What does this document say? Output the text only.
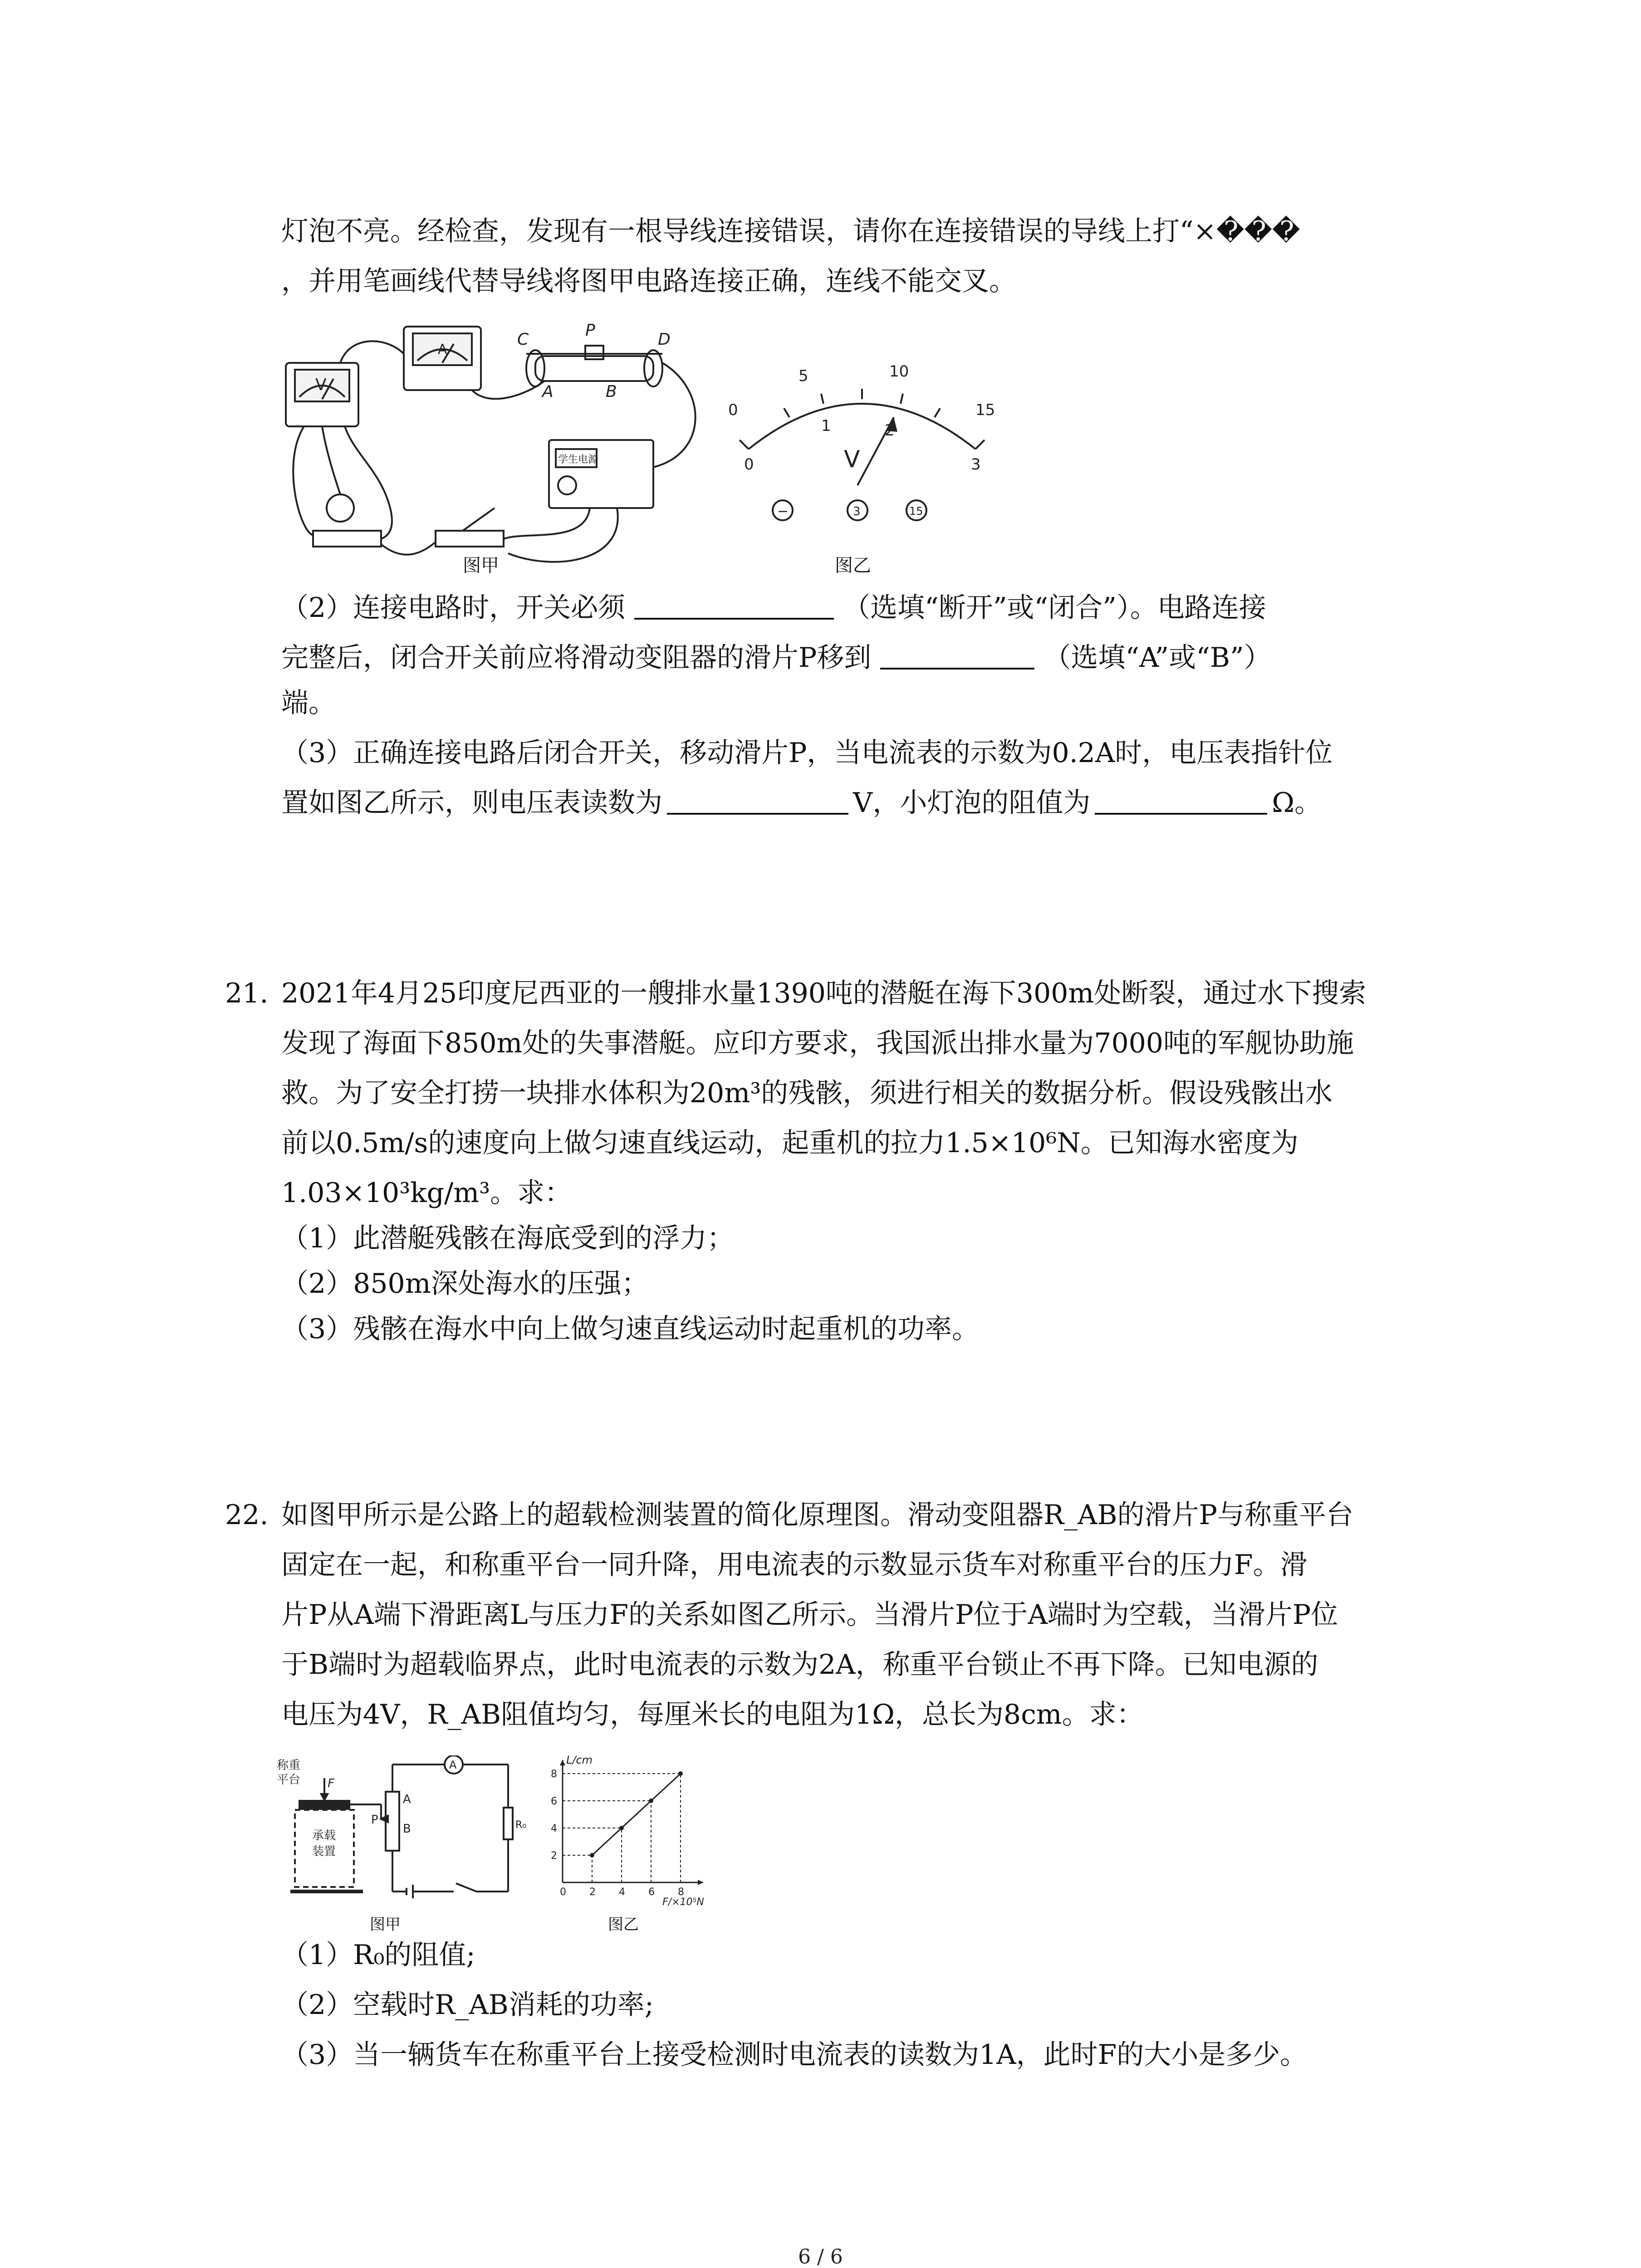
灯泡不亮。经检查，发现有一根导线连接错误，请你在连接错误的导线上打“×���
，并用笔画线代替导线将图甲电路连接正确，连线不能交叉。
V
A
C	P	D
A	B
学生电源
图甲
0
5	10
15
0
1	2
3
V
−	3	15
图乙
（2）连接电路时，开关必须	（选填“断开”或“闭合”）。电路连接
完整后，闭合开关前应将滑动变阻器的滑片P移到	（选填“A”或“B”）
端。
（3）正确连接电路后闭合开关，移动滑片P，当电流表的示数为0.2A时，电压表指针位
置如图乙所示，则电压表读数为	V，小灯泡的阻值为	Ω。
21. 2021年4月25印度尼西亚的一艘排水量1390吨的潜艇在海下300m处断裂，通过水下搜索
发现了海面下850m处的失事潜艇。应印方要求，我国派出排水量为7000吨的军舰协助施
救。为了安全打捞一块排水体积为20m³的残骸，须进行相关的数据分析。假设残骸出水
前以0.5m/s的速度向上做匀速直线运动，起重机的拉力1.5×10⁶N。已知海水密度为
1.03×10³kg/m³。求：
（1）此潜艇残骸在海底受到的浮力；
（2）850m深处海水的压强；
（3）残骸在海水中向上做匀速直线运动时起重机的功率。
22. 如图甲所示是公路上的超载检测装置的简化原理图。滑动变阻器R_AB的滑片P与称重平台
固定在一起，和称重平台一同升降，用电流表的示数显示货车对称重平台的压力F。滑
片P从A端下滑距离L与压力F的关系如图乙所示。当滑片P位于A端时为空载，当滑片P位
于B端时为超载临界点，此时电流表的示数为2A，称重平台锁止不再下降。已知电源的
电压为4V，R_AB阻值均匀，每厘米长的电阻为1Ω，总长为8cm。求：
称重
平台 F
承载
装置
P
A
B
A
R₀
图甲
L/cm
F/×10⁵N
0 2 4 6 8
2
4
6
8
图乙
（1）R₀的阻值;
（2）空载时R_AB消耗的功率;
（3）当一辆货车在称重平台上接受检测时电流表的读数为1A，此时F的大小是多少。
6 / 6
